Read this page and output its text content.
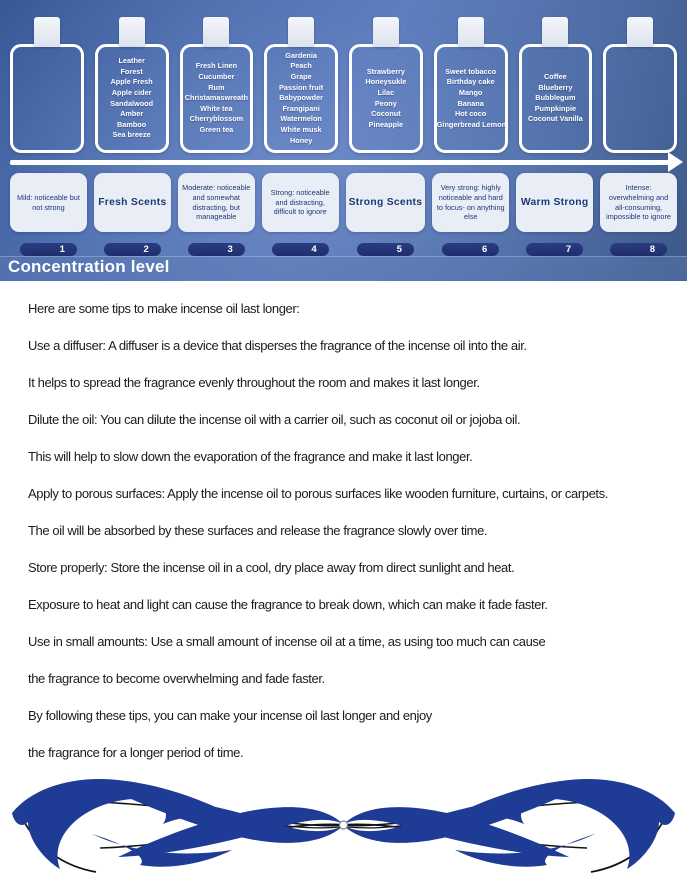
Leather
Forest
Apple Fresh
Apple cider
Sandalwood
Amber
Bamboo
Sea breeze
Fresh Linen
Cucumber
Rum
Christamaswreath
White tea
Cherryblossom
Green tea
Gardenia
Peach
Grape
Passion fruit
Babypowder
Frangipani
Watermelon
White musk
Honey
Strawberry
Honeysukle
Lilac
Peony
Coconut
Pineapple
Sweet tobacco
Birthday cake
Mango
Banana
Hot coco
Gingerbread Lemon
Coffee
Blueberry
Bubblegum
Pumpkinpie
Coconut Vanilla
Mild: noticeable but not strong
1
Fresh Scents
2
Moderate: noticeable and somewhat distracting, but manageable
3
Strong: noticeable and distracting, difficult to ignore
4
Strong Scents
5
Very strong: highly noticeable and hard to focus- on anything else
6
Warm Strong
7
Intense: overwhelming and all-consuming, impossible to ignore
8
Concentration level

Here are some tips to make incense oil last longer:

Use a diffuser: A diffuser is a device that disperses the fragrance of the incense oil into the air.

It helps to spread the fragrance evenly throughout the room and makes it last longer.

Dilute the oil: You can dilute the incense oil with a carrier oil, such as coconut oil or jojoba oil.

This will help to slow down the evaporation of the fragrance and make it last longer.

Apply to porous surfaces: Apply the incense oil to porous surfaces like wooden furniture, curtains, or carpets.

The oil will be absorbed by these surfaces and release the fragrance slowly over time.

Store properly: Store the incense oil in a cool, dry place away from direct sunlight and heat.

Exposure to heat and light can cause the fragrance to break down, which can make it fade faster.

Use in small amounts: Use a small amount of incense oil at a time, as using too much can cause

the fragrance to become overwhelming and fade faster.

By following these tips, you can make your incense oil last longer and enjoy

the fragrance for a longer period of time.
